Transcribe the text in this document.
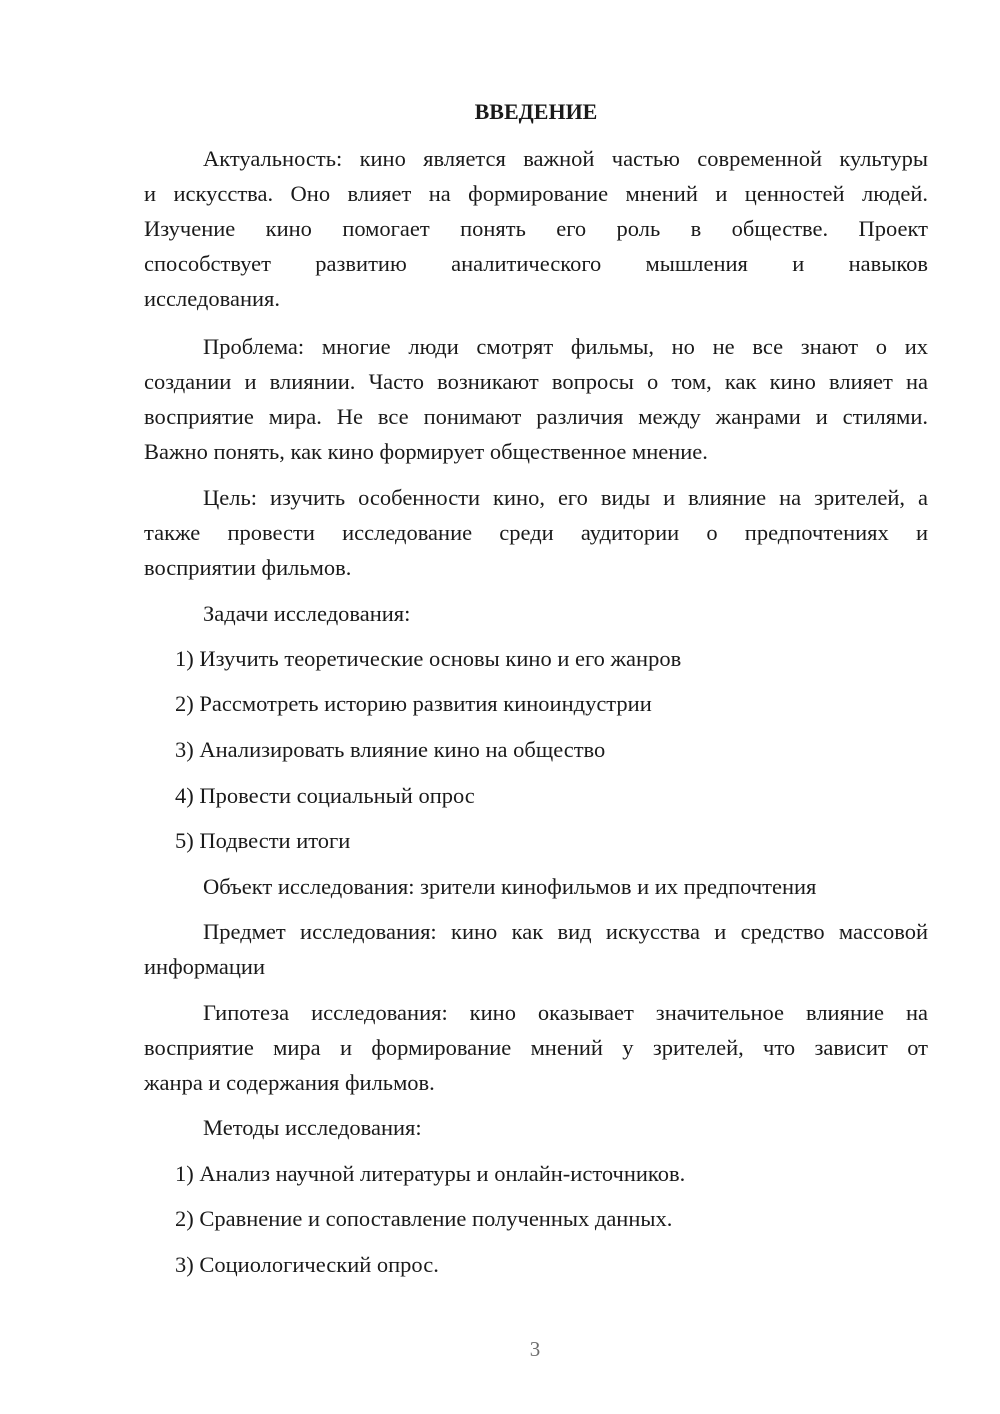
ВВЕДЕНИЕ
Актуальность: кино является важной частью современной культуры
и искусства. Оно влияет на формирование мнений и ценностей людей.
Изучение кино помогает понять его роль в обществе. Проект
способствует развитию аналитического мышления и навыков
исследования.
Проблема: многие люди смотрят фильмы, но не все знают о их
создании и влиянии. Часто возникают вопросы о том, как кино влияет на
восприятие мира. Не все понимают различия между жанрами и стилями.
Важно понять, как кино формирует общественное мнение.
Цель: изучить особенности кино, его виды и влияние на зрителей, а
также провести исследование среди аудитории о предпочтениях и
восприятии фильмов.

Задачи исследования:

1) Изучить теоретические основы кино и его жанров

2) Рассмотреть историю развития киноиндустрии

3) Анализировать влияние кино на общество

4) Провести социальный опрос

5) Подвести итоги

Объект исследования: зрители кинофильмов и их предпочтения

Предмет исследования: кино как вид искусства и средство массовой
информации
Гипотеза исследования: кино оказывает значительное влияние на
восприятие мира и формирование мнений у зрителей, что зависит от
жанра и содержания фильмов.

Методы исследования:

1) Анализ научной литературы и онлайн-источников.

2) Сравнение и сопоставление полученных данных.

3) Социологический опрос.

3
